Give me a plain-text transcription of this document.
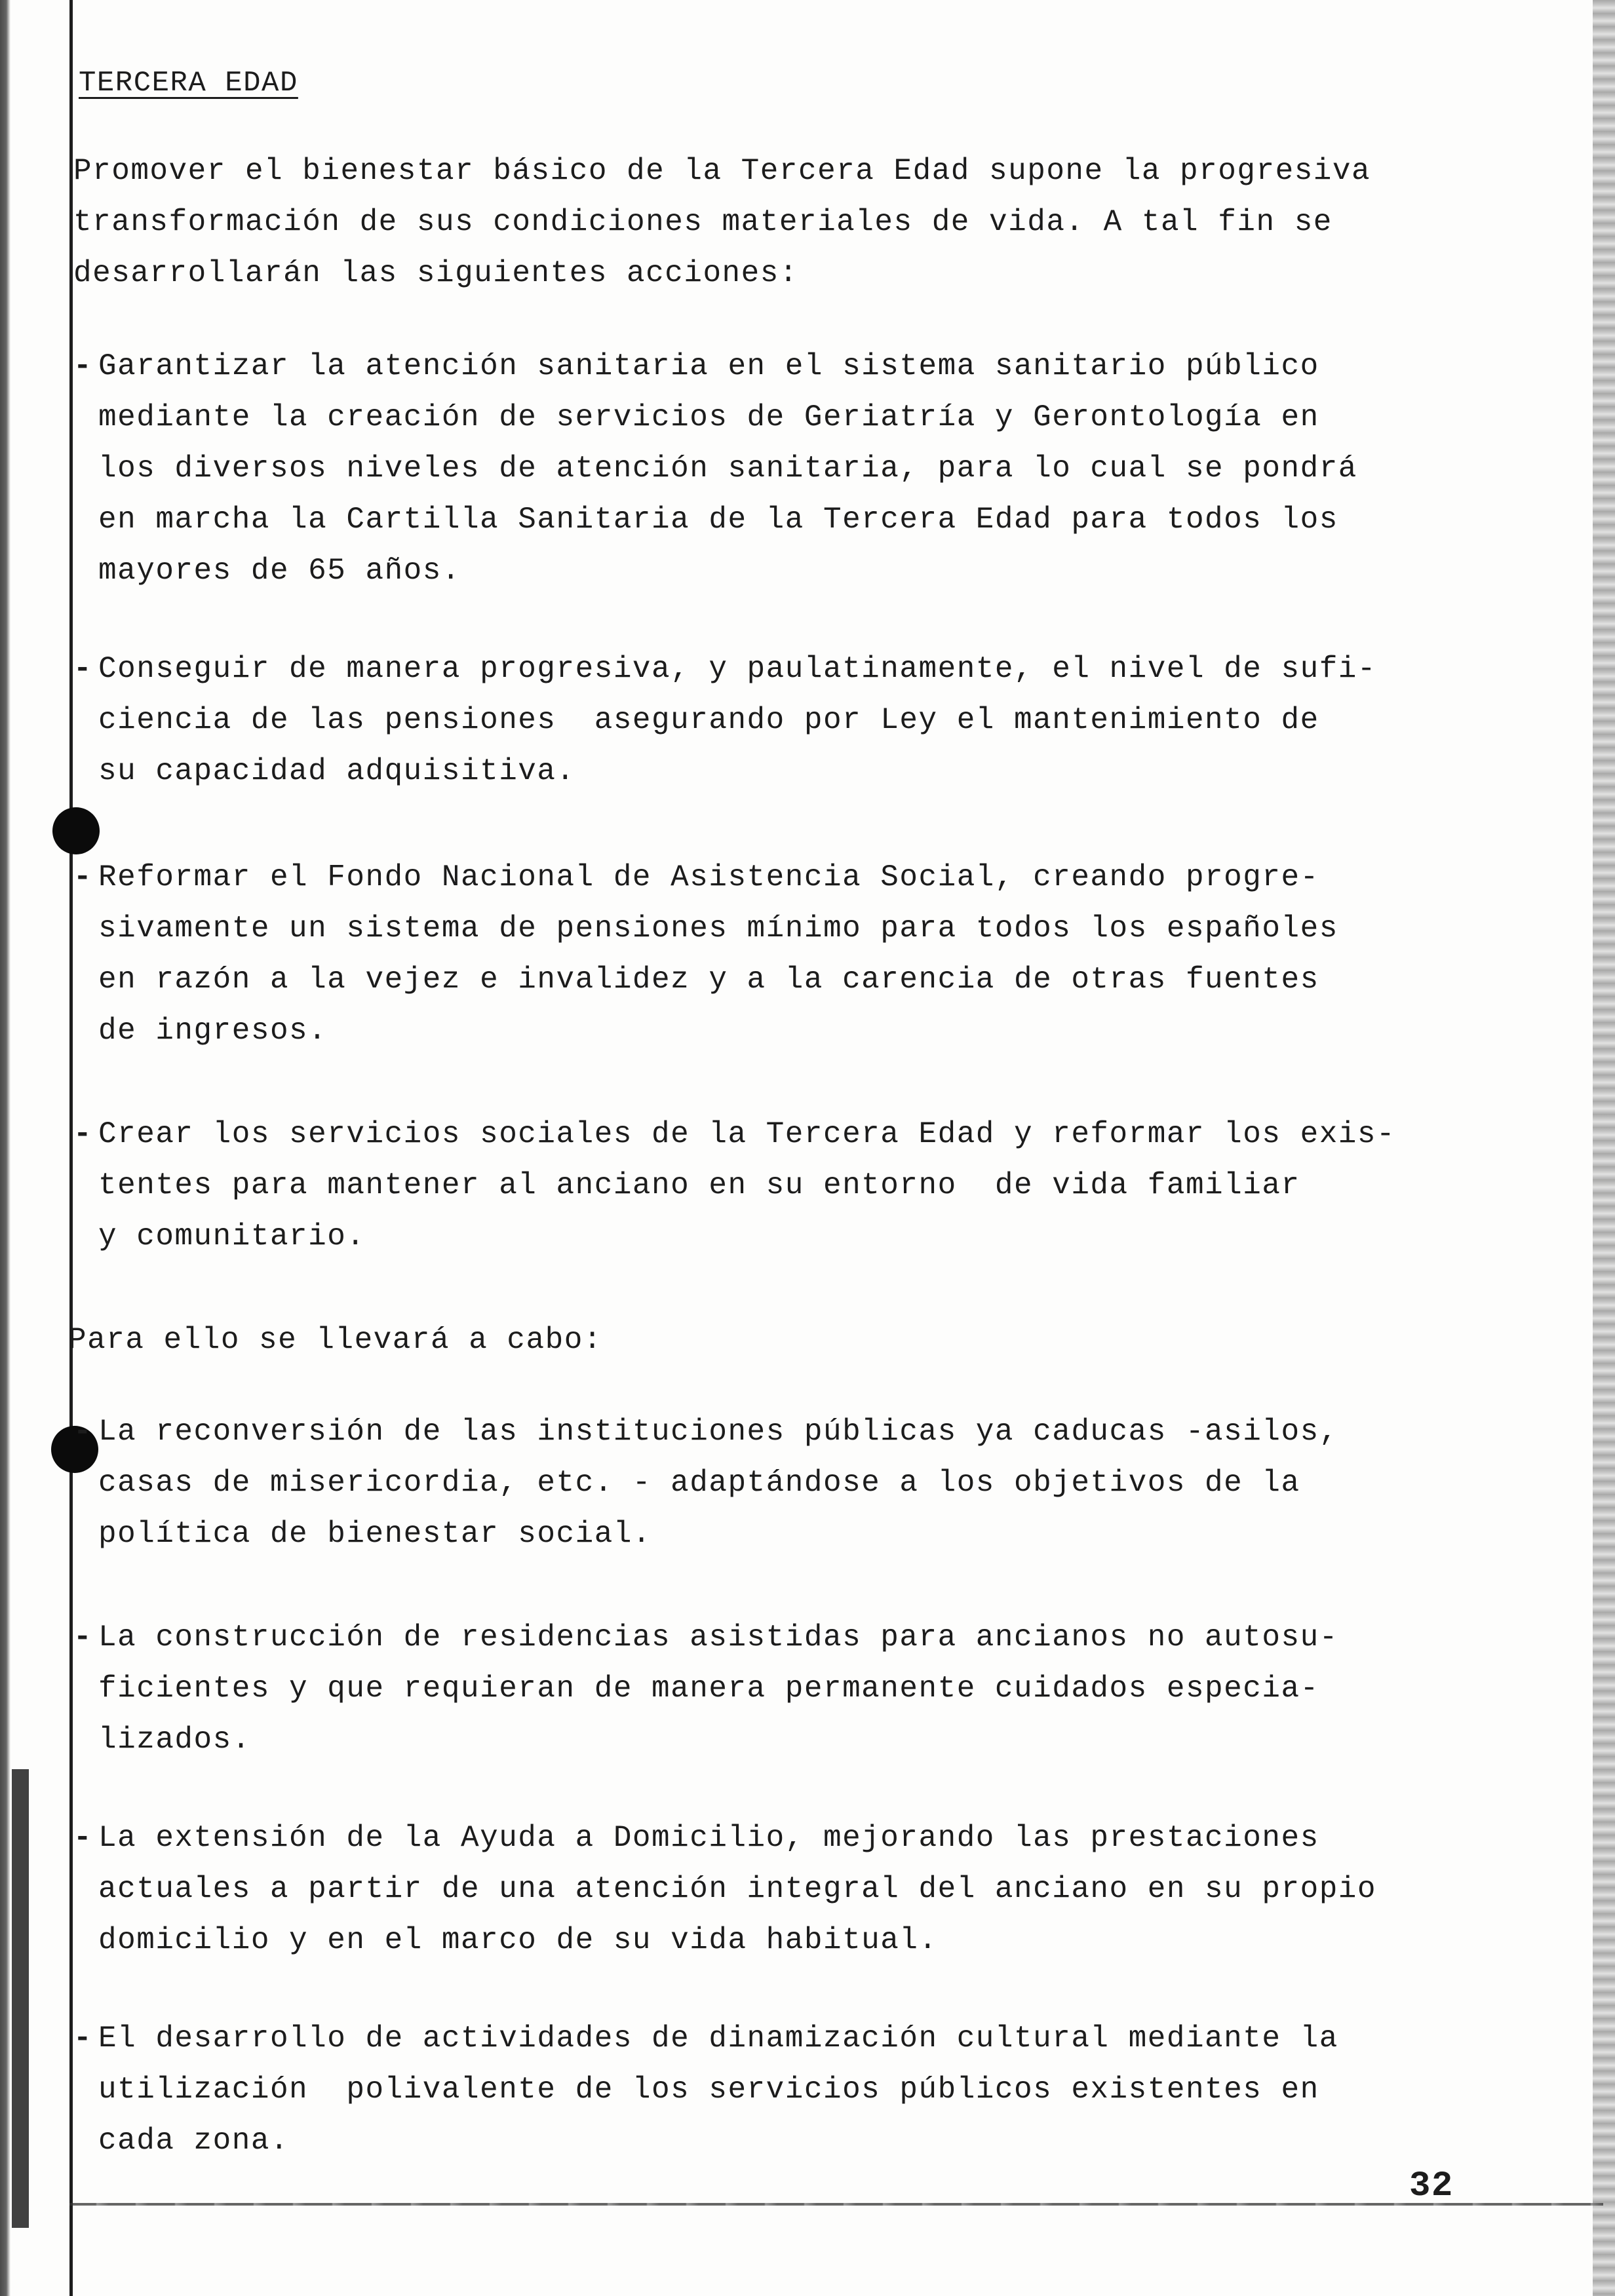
TERCERA EDAD

Promover el bienestar básico de la Tercera Edad supone la progresiva
transformación de sus condiciones materiales de vida. A tal fin se
desarrollarán las siguientes acciones:

- Garantizar la atención sanitaria en el sistema sanitario público
mediante la creación de servicios de Geriatría y Gerontología en
los diversos niveles de atención sanitaria, para lo cual se pondrá
en marcha la Cartilla Sanitaria de la Tercera Edad para todos los
mayores de 65 años.

- Conseguir de manera progresiva, y paulatinamente, el nivel de sufi-
ciencia de las pensiones  asegurando por Ley el mantenimiento de
su capacidad adquisitiva.

- Reformar el Fondo Nacional de Asistencia Social, creando progre-
sivamente un sistema de pensiones mínimo para todos los españoles
en razón a la vejez e invalidez y a la carencia de otras fuentes
de ingresos.

- Crear los servicios sociales de la Tercera Edad y reformar los exis-
tentes para mantener al anciano en su entorno  de vida familiar
y comunitario.

Para ello se llevará a cabo:

- La reconversión de las instituciones públicas ya caducas -asilos,
casas de misericordia, etc. - adaptándose a los objetivos de la
política de bienestar social.

- La construcción de residencias asistidas para ancianos no autosu-
ficientes y que requieran de manera permanente cuidados especia-
lizados.

- La extensión de la Ayuda a Domicilio, mejorando las prestaciones
actuales a partir de una atención integral del anciano en su propio
domicilio y en el marco de su vida habitual.

- El desarrollo de actividades de dinamización cultural mediante la
utilización  polivalente de los servicios públicos existentes en
cada zona.

32
